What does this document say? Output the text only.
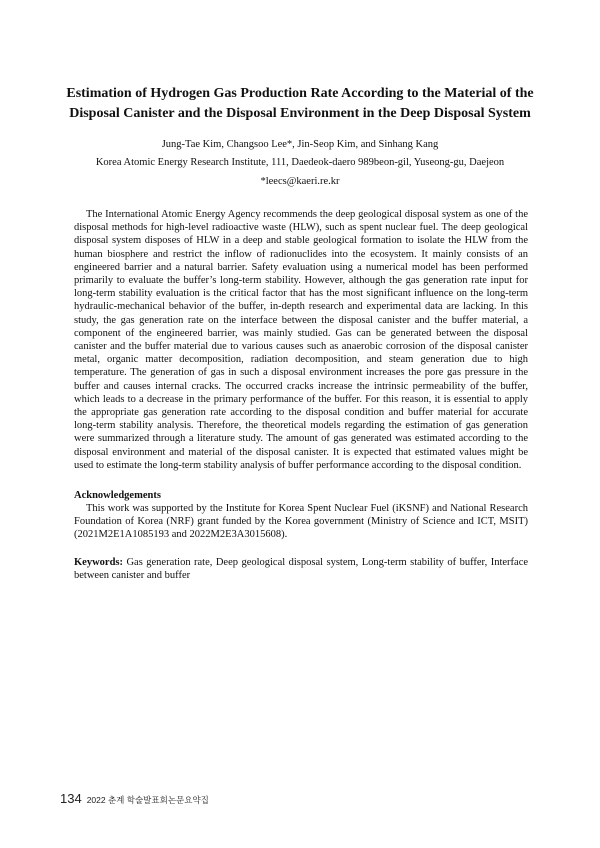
Estimation of Hydrogen Gas Production Rate According to the Material of the Disposal Canister and the Disposal Environment in the Deep Disposal System

Jung-Tae Kim, Changsoo Lee*, Jin-Seop Kim, and Sinhang Kang

Korea Atomic Energy Research Institute, 111, Daedeok-daero 989beon-gil, Yuseong-gu, Daejeon

*leecs@kaeri.re.kr

The International Atomic Energy Agency recommends the deep geological disposal system as one of the disposal methods for high-level radioactive waste (HLW), such as spent nuclear fuel. The deep geological disposal system disposes of HLW in a deep and stable geological formation to isolate the HLW from the human biosphere and restrict the inflow of radionuclides into the ecosystem. It mainly consists of an engineered barrier and a natural barrier. Safety evaluation using a numerical model has been performed primarily to evaluate the buffer’s long-term stability. However, although the gas generation rate input for long-term stability evaluation is the critical factor that has the most significant influence on the long-term hydraulic-mechanical behavior of the buffer, in-depth research and experimental data are lacking. In this study, the gas generation rate on the interface between the disposal canister and the buffer material, a component of the engineered barrier, was mainly studied. Gas can be generated between the disposal canister and the buffer material due to various causes such as anaerobic corrosion of the disposal canister metal, organic matter decomposition, radiation decomposition, and steam generation due to high temperature. The generation of gas in such a disposal environment increases the pore gas pressure in the buffer and causes internal cracks. The occurred cracks increase the intrinsic permeability of the buffer, which leads to a decrease in the primary performance of the buffer. For this reason, it is essential to apply the appropriate gas generation rate according to the disposal condition and buffer material for accurate long-term stability analysis. Therefore, the theoretical models regarding the estimation of gas generation were summarized through a literature study. The amount of gas generated was estimated according to the disposal environment and material of the disposal canister. It is expected that estimated values might be used to estimate the long-term stability analysis of buffer performance according to the disposal condition.

Acknowledgements

This work was supported by the Institute for Korea Spent Nuclear Fuel (iKSNF) and National Research Foundation of Korea (NRF) grant funded by the Korea government (Ministry of Science and ICT, MSIT) (2021M2E1A1085193 and 2022M2E3A3015608).

Keywords: Gas generation rate, Deep geological disposal system, Long-term stability of buffer, Interface between canister and buffer

134 2022 춘계 학술발표회논문요약집
